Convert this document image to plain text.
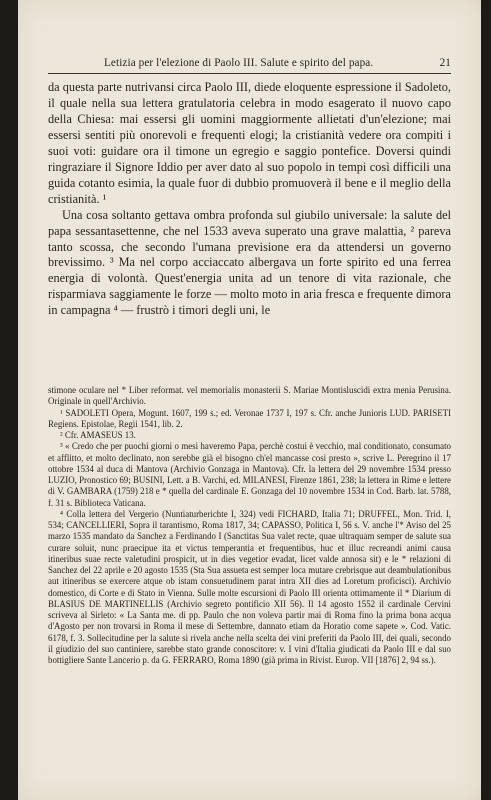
Letizia per l'elezione di Paolo III. Salute e spirito del papa.	21

da questa parte nutrivansi circa Paolo III, diede eloquente espressione il Sadoleto, il quale nella sua lettera gratulatoria celebra in modo esagerato il nuovo capo della Chiesa: mai essersi gli uomini maggiormente allietati d'un'elezione; mai essersi sentiti più onorevoli e frequenti elogi; la cristianità vedere ora compiti i suoi voti: guidare ora il timone un egregio e saggio pontefice. Doversi quindi ringraziare il Signore Iddio per aver dato al suo popolo in tempi così difficili una guida cotanto esimia, la quale fuor di dubbio promuoverà il bene e il meglio della cristianità. ¹

Una cosa soltanto gettava ombra profonda sul giubilo universale: la salute del papa sessantasettenne, che nel 1533 aveva superato una grave malattia, ² pareva tanto scossa, che secondo l'umana previsione era da attendersi un governo brevissimo. ³ Ma nel corpo acciaccato albergava un forte spirito ed una ferrea energia di volontà. Quest'energia unita ad un tenore di vita razionale, che risparmiava saggiamente le forze — molto moto in aria fresca e frequente dimora in campagna ⁴ — frustrò i timori degli uni, le

stimone oculare nel * Liber reformat. vel memorialis monasterii S. Mariae Montisluscidi extra menia Perusina. Originale in quell'Archivio.

¹ SADOLETI Opera, Mogunt. 1607, 199 s.; ed. Veronae 1737 I, 197 s. Cfr. anche Junioris LUD. PARISETI Regiens. Epistolae, Regii 1541, lib. 2.

² Cfr. AMASEUS 13.

³ « Credo che per puochi giorni o mesi haveremo Papa, perchè costui è vecchio, mal conditionato, consumato et afflitto, et molto declinato, non serebbe già el bisogno ch'el mancasse così presto », scrive L. Peregrino il 17 ottobre 1534 al duca di Mantova (Archivio Gonzaga in Mantova). Cfr. la lettera del 29 novembre 1534 presso LUZIO, Pronostico 69; BUSINI, Lett. a B. Varchi, ed. MILANESI, Firenze 1861, 238; la lettera in Rime e lettere di V. GAMBARA (1759) 218 e * quella del cardinale E. Gonzaga del 10 novembre 1534 in Cod. Barb. lat. 5788, f. 31 s. Biblioteca Vaticana.

⁴ Colla lettera del Vergerio (Nuntiaturberichte I, 324) vedi FICHARD, Italia 71; DRUFFEL, Mon. Trid. I, 534; CANCELLIERI, Sopra il tarantismo, Roma 1817, 34; CAPASSO, Politica I, 56 s. V. anche l'* Aviso del 25 marzo 1535 mandato da Sanchez a Ferdinando I (Sanctitas Sua valet recte, quae ultraquam semper de salute sua curare soluit, nunc praecipue ita et victus temperantia et frequentibus, huc et illuc recreandi animi causa itineribus suae recte valetudini prospicit, ut in dies vegetior evadat, licet valde annosa sit) e le * relazioni di Sanchez del 22 aprile e 20 agosto 1535 (Sta Sua assueta est semper loca mutare crebrisque aut deambulationibus aut itineribus se exercere atque ob istam consuetudinem parat intra XII dies ad Loretum proficisci). Archivio domestico, di Corte e di Stato in Vienna. Sulle molte escursioni di Paolo III orienta ottimamente il * Diarium di BLASIUS DE MARTINELLIS (Archivio segreto pontificio XII 56). Il 14 agosto 1552 il cardinale Cervini scriveva al Sirleto: « La Santa me. di pp. Paulo che non voleva partir mai di Roma fino la prima bona acqua d'Agosto per non trovarsi in Roma il mese di Settembre, dannato etiam da Horatio come sapete ». Cod. Vatic. 6178, f. 3. Sollecitudine per la salute si rivela anche nella scelta dei vini preferiti da Paolo III, dei quali, secondo il giudizio del suo cantiniere, sarebbe stato grande conoscitore: v. I vini d'Italia giudicati da Paolo III e dal suo bottigliere Sante Lancerio p. da G. FERRARO, Roma 1890 (già prima in Rivist. Europ. VII [1876] 2, 94 ss.).
